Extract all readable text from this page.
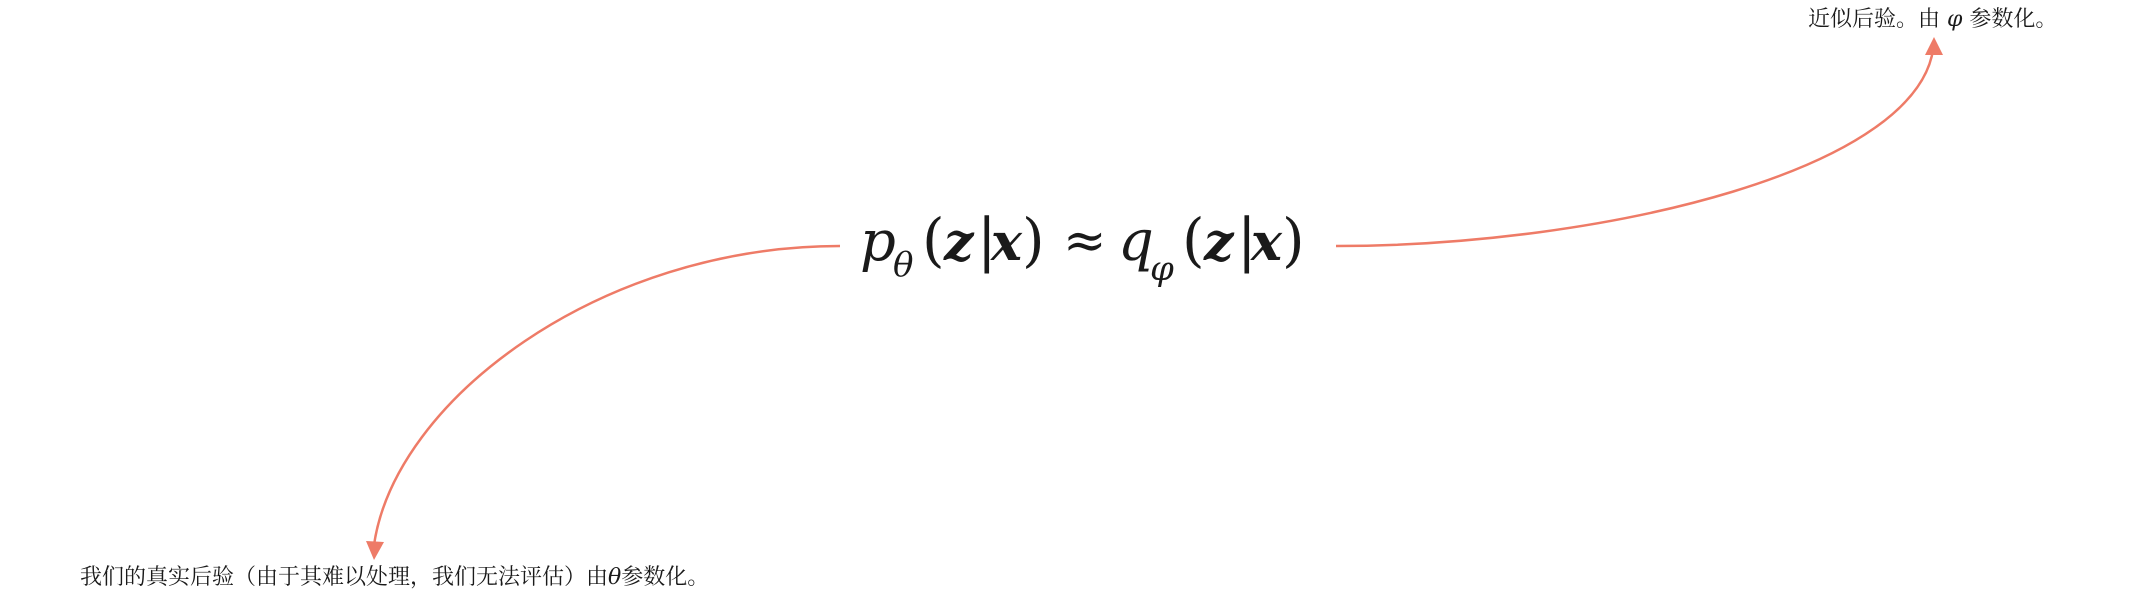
p
θ ( z |
x ) ≈ q
φ ( z |
x )
近似后验。由 φ 参数化。
我们的真实后验（由于其难以处理，我们无法评估）由θ参数化。
